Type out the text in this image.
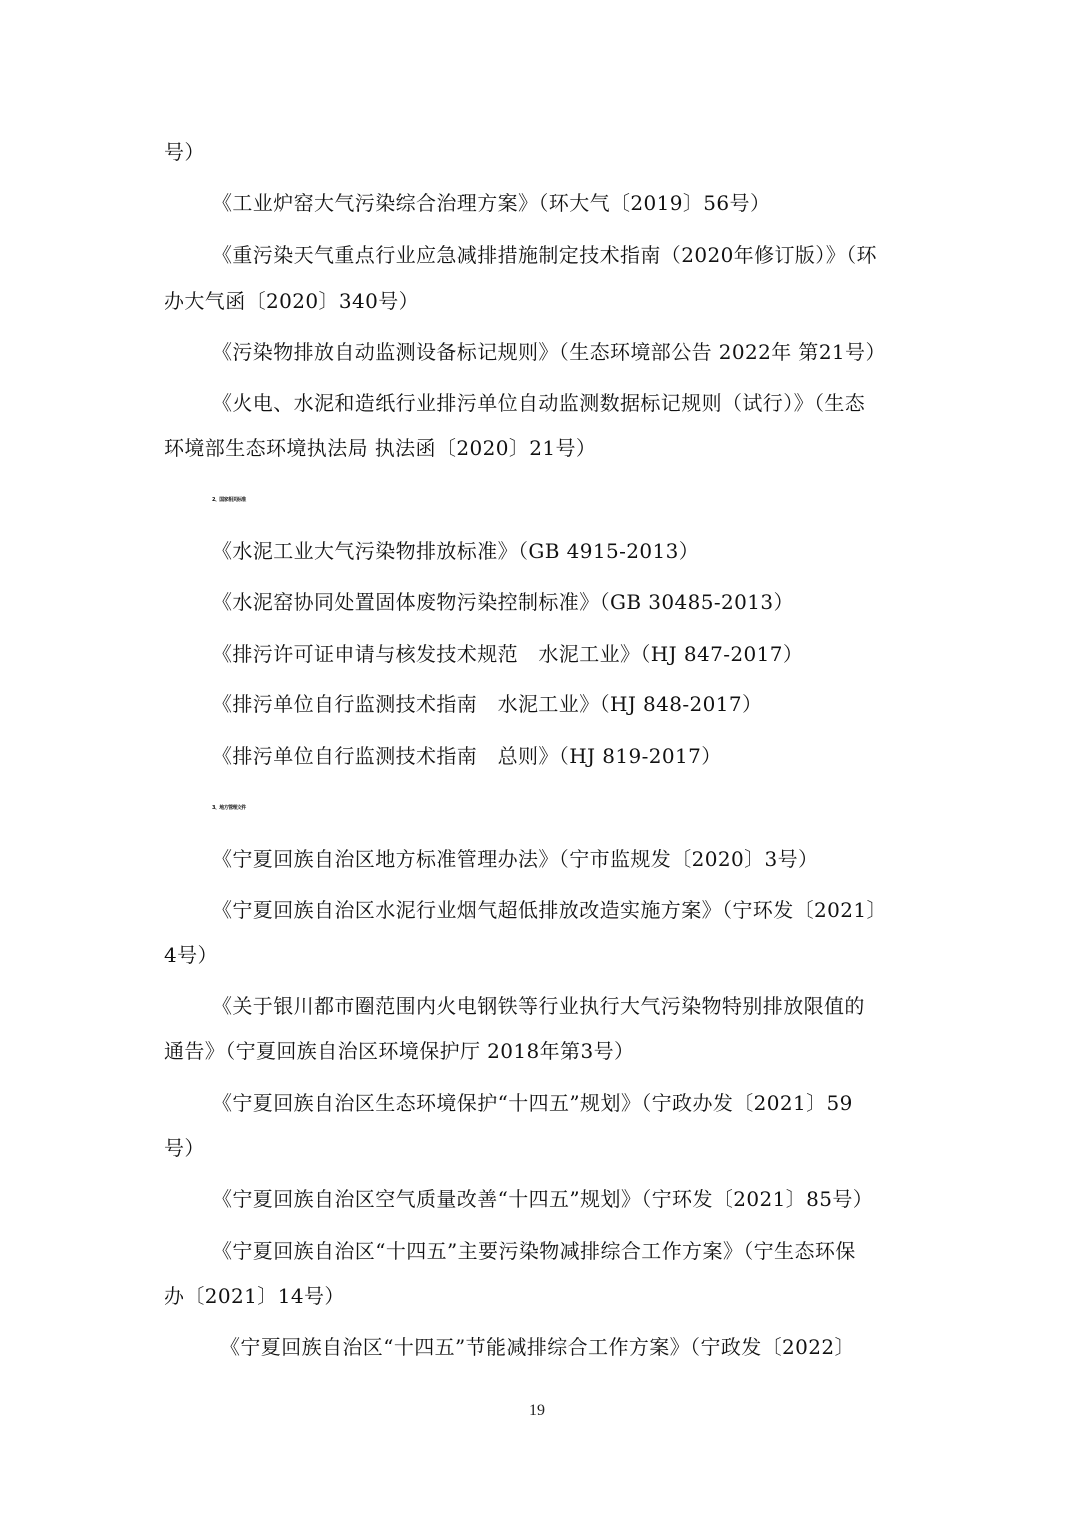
号）
《工业炉窑大气污染综合治理方案》（环大气〔2019〕56号）
《重污染天气重点行业应急减排措施制定技术指南（2020年修订版）》（环
办大气函〔2020〕340号）
《污染物排放自动监测设备标记规则》（生态环境部公告 2022年 第21号）
《火电、水泥和造纸行业排污单位自动监测数据标记规则（试行）》（生态
环境部生态环境执法局 执法函〔2020〕21号）
2、国家相关标准
《水泥工业大气污染物排放标准》（GB 4915-2013）
《水泥窑协同处置固体废物污染控制标准》（GB 30485-2013）
《排污许可证申请与核发技术规范　水泥工业》（HJ 847-2017）
《排污单位自行监测技术指南　水泥工业》（HJ 848-2017）
《排污单位自行监测技术指南　总则》（HJ 819-2017）
3、地方管理文件
《宁夏回族自治区地方标准管理办法》（宁市监规发〔2020〕3号）
《宁夏回族自治区水泥行业烟气超低排放改造实施方案》（宁环发〔2021〕
4号）
《关于银川都市圈范围内火电钢铁等行业执行大气污染物特别排放限值的
通告》（宁夏回族自治区环境保护厅 2018年第3号）
《宁夏回族自治区生态环境保护“十四五”规划》（宁政办发〔2021〕59
号）
《宁夏回族自治区空气质量改善“十四五”规划》（宁环发〔2021〕85号）
《宁夏回族自治区“十四五”主要污染物减排综合工作方案》（宁生态环保
办〔2021〕14号）
《宁夏回族自治区“十四五”节能减排综合工作方案》（宁政发〔2022〕
19
